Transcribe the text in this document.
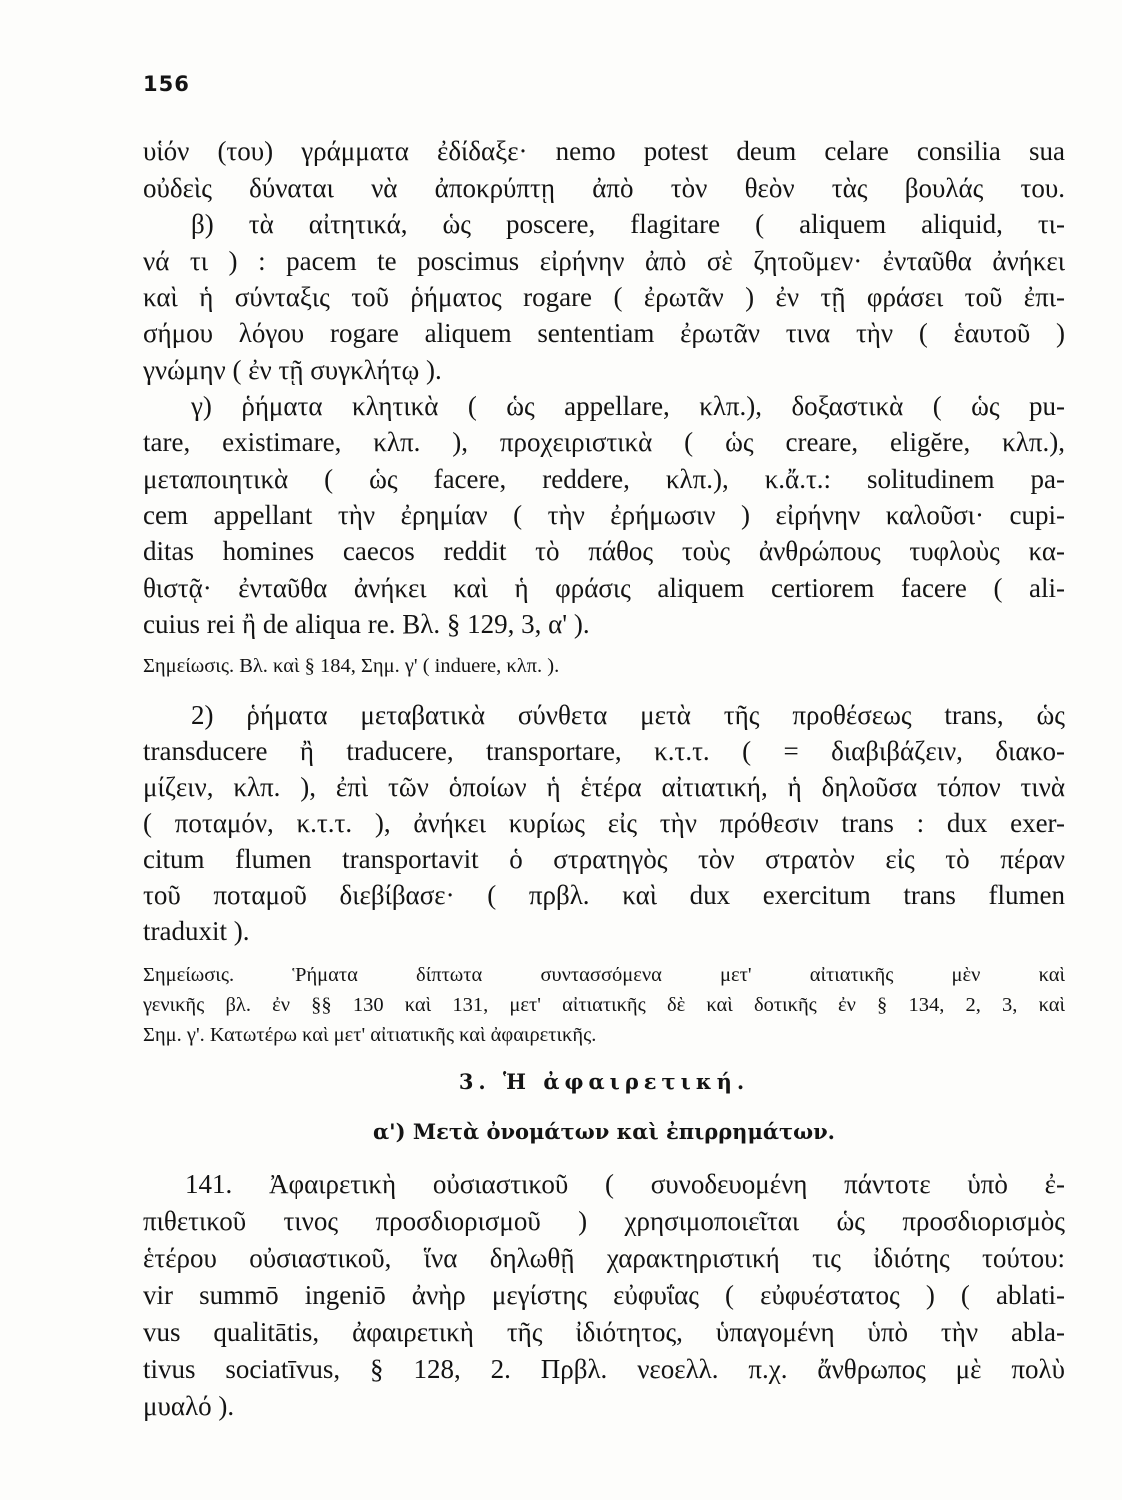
156
υἱόν (του) γράμματα ἐδίδαξε· nemo potest deum celare consilia sua
οὐδεὶς δύναται νὰ ἀποκρύπτῃ ἀπὸ τὸν θεὸν τὰς βουλάς του.
β) τὰ αἰτητικά, ὡς poscere, flagitare ( aliquem aliquid, τι-
νά τι ) : pacem te poscimus εἰρήνην ἀπὸ σὲ ζητοῦμεν· ἐνταῦθα ἀνήκει
καὶ ἡ σύνταξις τοῦ ῥήματος rogare ( ἐρωτᾶν ) ἐν τῇ φράσει τοῦ ἐπι-
σήμου λόγου rogare aliquem sententiam ἐρωτᾶν τινα τὴν ( ἑαυτοῦ )
γνώμην ( ἐν τῇ συγκλήτῳ ).
γ) ῥήματα κλητικὰ ( ὡς appellare, κλπ.), δοξαστικὰ ( ὡς pu-
tare, existimare, κλπ. ), προχειριστικὰ ( ὡς creare, eligĕre, κλπ.),
μεταποιητικὰ ( ὡς facere, reddere, κλπ.), κ.ἄ.τ.: solitudinem pa-
cem appellant τὴν ἐρημίαν ( τὴν ἐρήμωσιν ) εἰρήνην καλοῦσι· cupi-
ditas homines caecos reddit τὸ πάθος τοὺς ἀνθρώπους τυφλοὺς κα-
θιστᾷ· ἐνταῦθα ἀνήκει καὶ ἡ φράσις aliquem certiorem facere ( ali-
cuius rei ἢ de aliqua re. Βλ. § 129, 3, α' ).
Σημείωσις. Βλ. καὶ § 184, Σημ. γ' ( induere, κλπ. ).
2) ῥήματα μεταβατικὰ σύνθετα μετὰ τῆς προθέσεως trans, ὡς
transducere ἢ traducere, transportare, κ.τ.τ. ( = διαβιβάζειν, διακο-
μίζειν, κλπ. ), ἐπὶ τῶν ὁποίων ἡ ἑτέρα αἰτιατική, ἡ δηλοῦσα τόπον τινὰ
( ποταμόν, κ.τ.τ. ), ἀνήκει κυρίως εἰς τὴν πρόθεσιν trans : dux exer-
citum flumen transportavit ὁ στρατηγὸς τὸν στρατὸν εἰς τὸ πέραν
τοῦ ποταμοῦ διεβίβασε· ( πρβλ. καὶ dux exercitum trans flumen
traduxit ).
Σημείωσις. Ῥήματα δίπτωτα συντασσόμενα μετ' αἰτιατικῆς μὲν καὶ
γενικῆς βλ. ἐν §§ 130 καὶ 131, μετ' αἰτιατικῆς δὲ καὶ δοτικῆς ἐν § 134, 2, 3, καὶ
Σημ. γ'. Κατωτέρω καὶ μετ' αἰτιατικῆς καὶ ἀφαιρετικῆς.
3. Ἡ ἀφαιρετική.
α') Μετὰ ὀνομάτων καὶ ἐπιρρημάτων.
141. Ἀφαιρετικὴ οὐσιαστικοῦ ( συνοδευομένη πάντοτε ὑπὸ ἐ-
πιθετικοῦ τινος προσδιορισμοῦ ) χρησιμοποιεῖται ὡς προσδιορισμὸς
ἑτέρου οὐσιαστικοῦ, ἵνα δηλωθῇ χαρακτηριστική τις ἰδιότης τούτου:
vir summō ingeniō ἀνὴρ μεγίστης εὐφυΐας ( εὐφυέστατος ) ( ablati-
vus qualitātis, ἀφαιρετικὴ τῆς ἰδιότητος, ὑπαγομένη ὑπὸ τὴν abla-
tivus sociatīvus, § 128, 2. Πρβλ. νεοελλ. π.χ. ἄνθρωπος μὲ πολὺ
μυαλό ).
